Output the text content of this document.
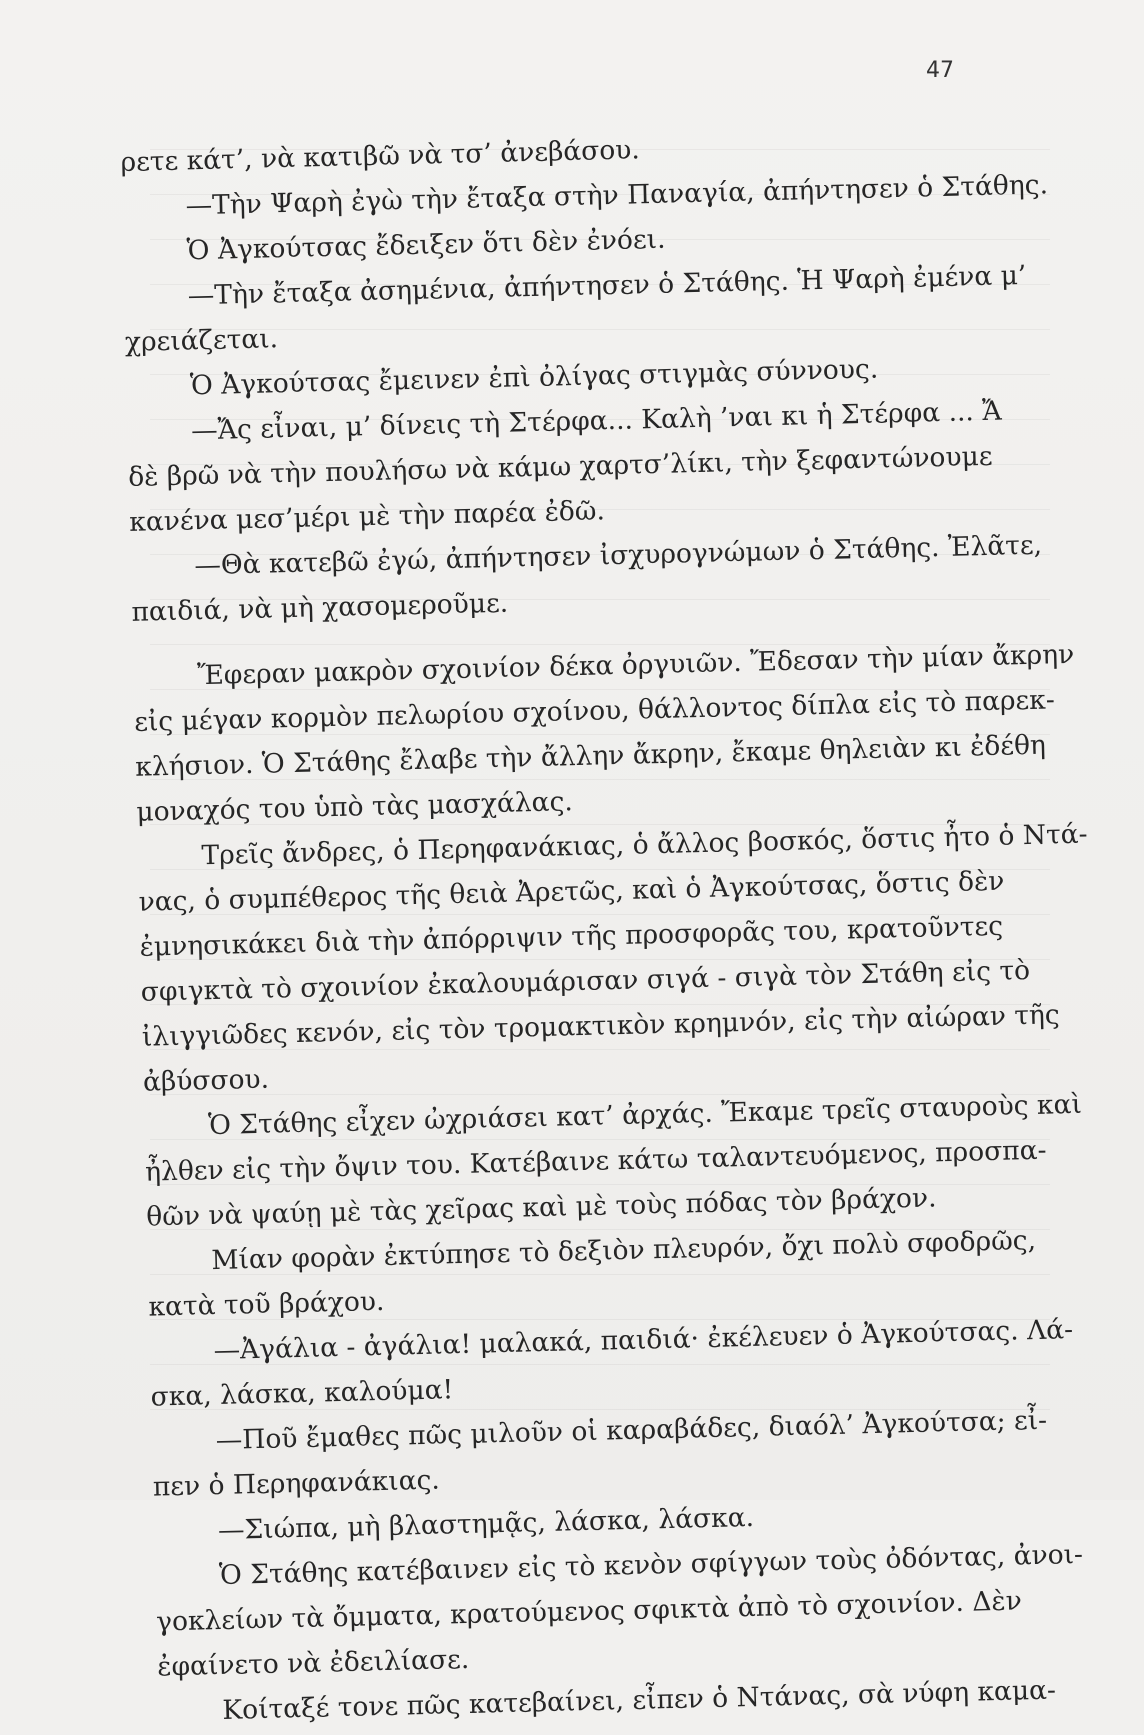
47
ρετε κάτ’, νὰ κατιβῶ νὰ τσ’ ἀνεβάσου.
—Τὴν Ψαρὴ ἐγὼ τὴν ἔταξα στὴν Παναγία, ἀπήντησεν ὁ Στάθης.
Ὁ Ἀγκούτσας ἔδειξεν ὅτι δὲν ἐνόει.
—Τὴν ἔταξα ἀσημένια, ἀπήντησεν ὁ Στάθης. Ἡ Ψαρὴ ἐμένα μ’
χρειάζεται.
Ὁ Ἀγκούτσας ἔμεινεν ἐπὶ ὀλίγας στιγμὰς σύννους.
—Ἄς εἶναι, μ’ δίνεις τὴ Στέρφα... Καλὴ ’ναι κι ἡ Στέρφα ... Ἄ
δὲ βρῶ νὰ τὴν πουλήσω νὰ κάμω χαρτσ’λίκι, τὴν ξεφαντώνουμε
κανένα μεσ’μέρι μὲ τὴν παρέα ἐδῶ.
—Θὰ κατεβῶ ἐγώ, ἀπήντησεν ἰσχυρογνώμων ὁ Στάθης. Ἐλᾶτε,
παιδιά, νὰ μὴ χασομεροῦμε.
Ἔφεραν μακρὸν σχοινίον δέκα ὀργυιῶν. Ἔδεσαν τὴν μίαν ἄκρην
εἰς μέγαν κορμὸν πελωρίου σχοίνου, θάλλοντος δίπλα εἰς τὸ παρεκ-
κλήσιον. Ὁ Στάθης ἔλαβε τὴν ἄλλην ἄκρην, ἔκαμε θηλειὰν κι ἐδέθη
μοναχός του ὑπὸ τὰς μασχάλας.
Τρεῖς ἄνδρες, ὁ Περηφανάκιας, ὁ ἄλλος βοσκός, ὅστις ἦτο ὁ Ντά-
νας, ὁ συμπέθερος τῆς θειὰ Ἀρετῶς, καὶ ὁ Ἀγκούτσας, ὅστις δὲν
ἐμνησικάκει διὰ τὴν ἀπόρριψιν τῆς προσφορᾶς του, κρατοῦντες
σφιγκτὰ τὸ σχοινίον ἐκαλουμάρισαν σιγά - σιγὰ τὸν Στάθη εἰς τὸ
ἰλιγγιῶδες κενόν, εἰς τὸν τρομακτικὸν κρημνόν, εἰς τὴν αἰώραν τῆς
ἀβύσσου.
Ὁ Στάθης εἶχεν ὠχριάσει κατ’ ἀρχάς. Ἔκαμε τρεῖς σταυροὺς καὶ
ἦλθεν εἰς τὴν ὄψιν του. Κατέβαινε κάτω ταλαντευόμενος, προσπα-
θῶν νὰ ψαύῃ μὲ τὰς χεῖρας καὶ μὲ τοὺς πόδας τὸν βράχον.
Μίαν φορὰν ἐκτύπησε τὸ δεξιὸν πλευρόν, ὄχι πολὺ σφοδρῶς,
κατὰ τοῦ βράχου.
—Ἀγάλια - ἀγάλια! μαλακά, παιδιά· ἐκέλευεν ὁ Ἀγκούτσας. Λά-
σκα, λάσκα, καλούμα!
—Ποῦ ἔμαθες πῶς μιλοῦν οἱ καραβάδες, διαόλ’ Ἀγκούτσα; εἶ-
πεν ὁ Περηφανάκιας.
—Σιώπα, μὴ βλαστημᾷς, λάσκα, λάσκα.
Ὁ Στάθης κατέβαινεν εἰς τὸ κενὸν σφίγγων τοὺς ὀδόντας, ἀνοι-
γοκλείων τὰ ὄμματα, κρατούμενος σφικτὰ ἀπὸ τὸ σχοινίον. Δὲν
ἐφαίνετο νὰ ἐδειλίασε.
Κοίταξέ τονε πῶς κατεβαίνει, εἶπεν ὁ Ντάνας, σὰ νύφη καμα-
